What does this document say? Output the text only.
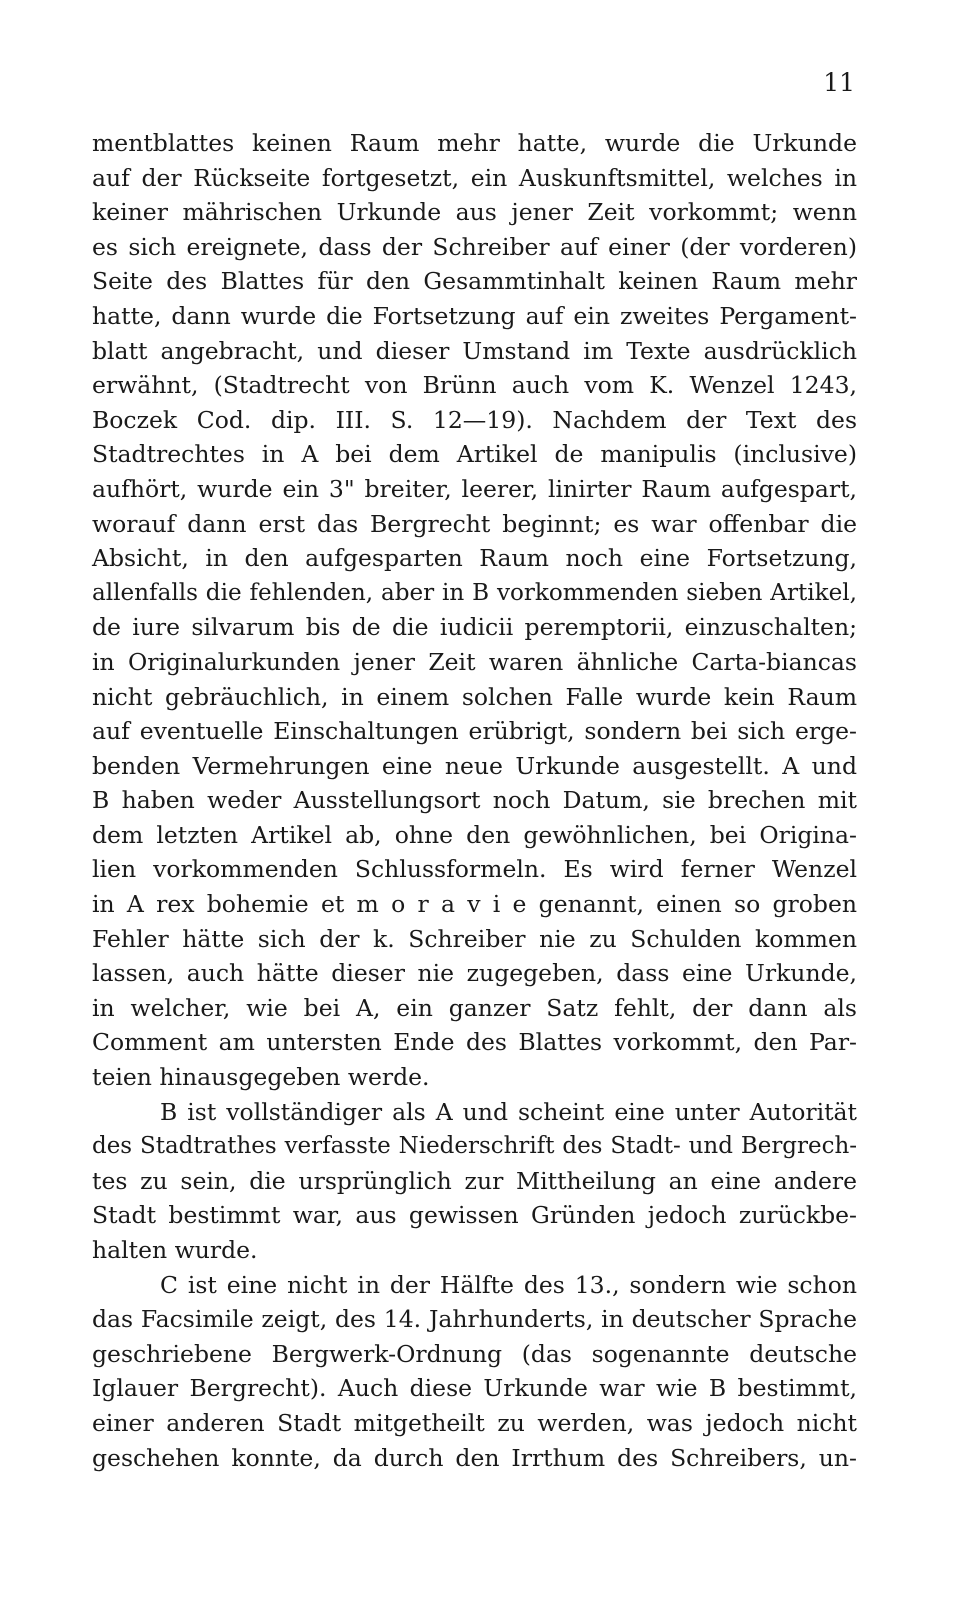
11
mentblattes keinen Raum mehr hatte, wurde die Urkunde
auf der Rückseite fortgesetzt, ein Auskunftsmittel, welches in
keiner mährischen Urkunde aus jener Zeit vorkommt; wenn
es sich ereignete, dass der Schreiber auf einer (der vorderen)
Seite des Blattes für den Gesammtinhalt keinen Raum mehr
hatte, dann wurde die Fortsetzung auf ein zweites Pergament-
blatt angebracht, und dieser Umstand im Texte ausdrücklich
erwähnt, (Stadtrecht von Brünn auch vom K. Wenzel 1243,
Boczek Cod. dip. III. S. 12—19). Nachdem der Text des
Stadtrechtes in A bei dem Artikel de manipulis (inclusive)
aufhört, wurde ein 3" breiter, leerer, linirter Raum aufgespart,
worauf dann erst das Bergrecht beginnt; es war offenbar die
Absicht, in den aufgesparten Raum noch eine Fortsetzung,
allenfalls die fehlenden, aber in B vorkommenden sieben Artikel,
de iure silvarum bis de die iudicii peremptorii, einzuschalten;
in Originalurkunden jener Zeit waren ähnliche Carta-biancas
nicht gebräuchlich, in einem solchen Falle wurde kein Raum
auf eventuelle Einschaltungen erübrigt, sondern bei sich erge-
benden Vermehrungen eine neue Urkunde ausgestellt. A und
B haben weder Ausstellungsort noch Datum, sie brechen mit
dem letzten Artikel ab, ohne den gewöhnlichen, bei Origina-
lien vorkommenden Schlussformeln. Es wird ferner Wenzel
in A rex bohemie et m o r a v i e genannt, einen so groben
Fehler hätte sich der k. Schreiber nie zu Schulden kommen
lassen, auch hätte dieser nie zugegeben, dass eine Urkunde,
in welcher, wie bei A, ein ganzer Satz fehlt, der dann als
Comment am untersten Ende des Blattes vorkommt, den Par-
teien hinausgegeben werde.
B ist vollständiger als A und scheint eine unter Autorität
des Stadtrathes verfasste Niederschrift des Stadt- und Bergrech-
tes zu sein, die ursprünglich zur Mittheilung an eine andere
Stadt bestimmt war, aus gewissen Gründen jedoch zurückbe-
halten wurde.
C ist eine nicht in der Hälfte des 13., sondern wie schon
das Facsimile zeigt, des 14. Jahrhunderts, in deutscher Sprache
geschriebene Bergwerk-Ordnung (das sogenannte deutsche
Iglauer Bergrecht). Auch diese Urkunde war wie B bestimmt,
einer anderen Stadt mitgetheilt zu werden, was jedoch nicht
geschehen konnte, da durch den Irrthum des Schreibers, un-
